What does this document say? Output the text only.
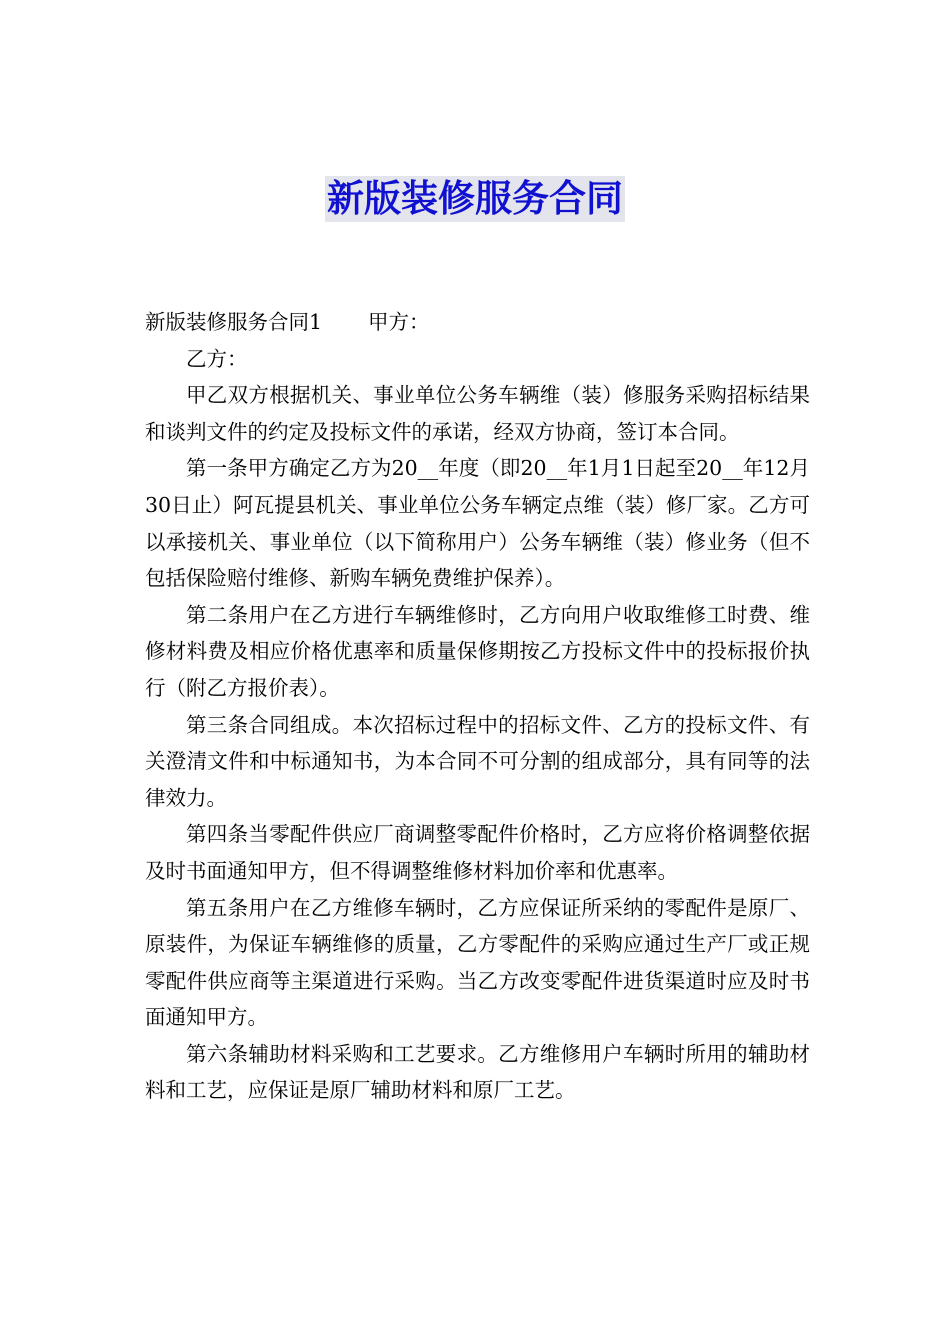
新版装修服务合同

新版装修服务合同1 甲方：

乙方：

甲乙双方根据机关、事业单位公务车辆维（装）修服务采购招标结果和谈判文件的约定及投标文件的承诺，经双方协商，签订本合同。

第一条甲方确定乙方为20__年度（即20__年1月1日起至20__年12月30日止）阿瓦提县机关、事业单位公务车辆定点维（装）修厂家。乙方可以承接机关、事业单位（以下简称用户）公务车辆维（装）修业务（但不包括保险赔付维修、新购车辆免费维护保养）。

第二条用户在乙方进行车辆维修时，乙方向用户收取维修工时费、维修材料费及相应价格优惠率和质量保修期按乙方投标文件中的投标报价执行（附乙方报价表）。

第三条合同组成。本次招标过程中的招标文件、乙方的投标文件、有关澄清文件和中标通知书，为本合同不可分割的组成部分，具有同等的法律效力。

第四条当零配件供应厂商调整零配件价格时，乙方应将价格调整依据及时书面通知甲方，但不得调整维修材料加价率和优惠率。

第五条用户在乙方维修车辆时，乙方应保证所采纳的零配件是原厂、原装件，为保证车辆维修的质量，乙方零配件的采购应通过生产厂或正规零配件供应商等主渠道进行采购。当乙方改变零配件进货渠道时应及时书面通知甲方。

第六条辅助材料采购和工艺要求。乙方维修用户车辆时所用的辅助材料和工艺，应保证是原厂辅助材料和原厂工艺。
